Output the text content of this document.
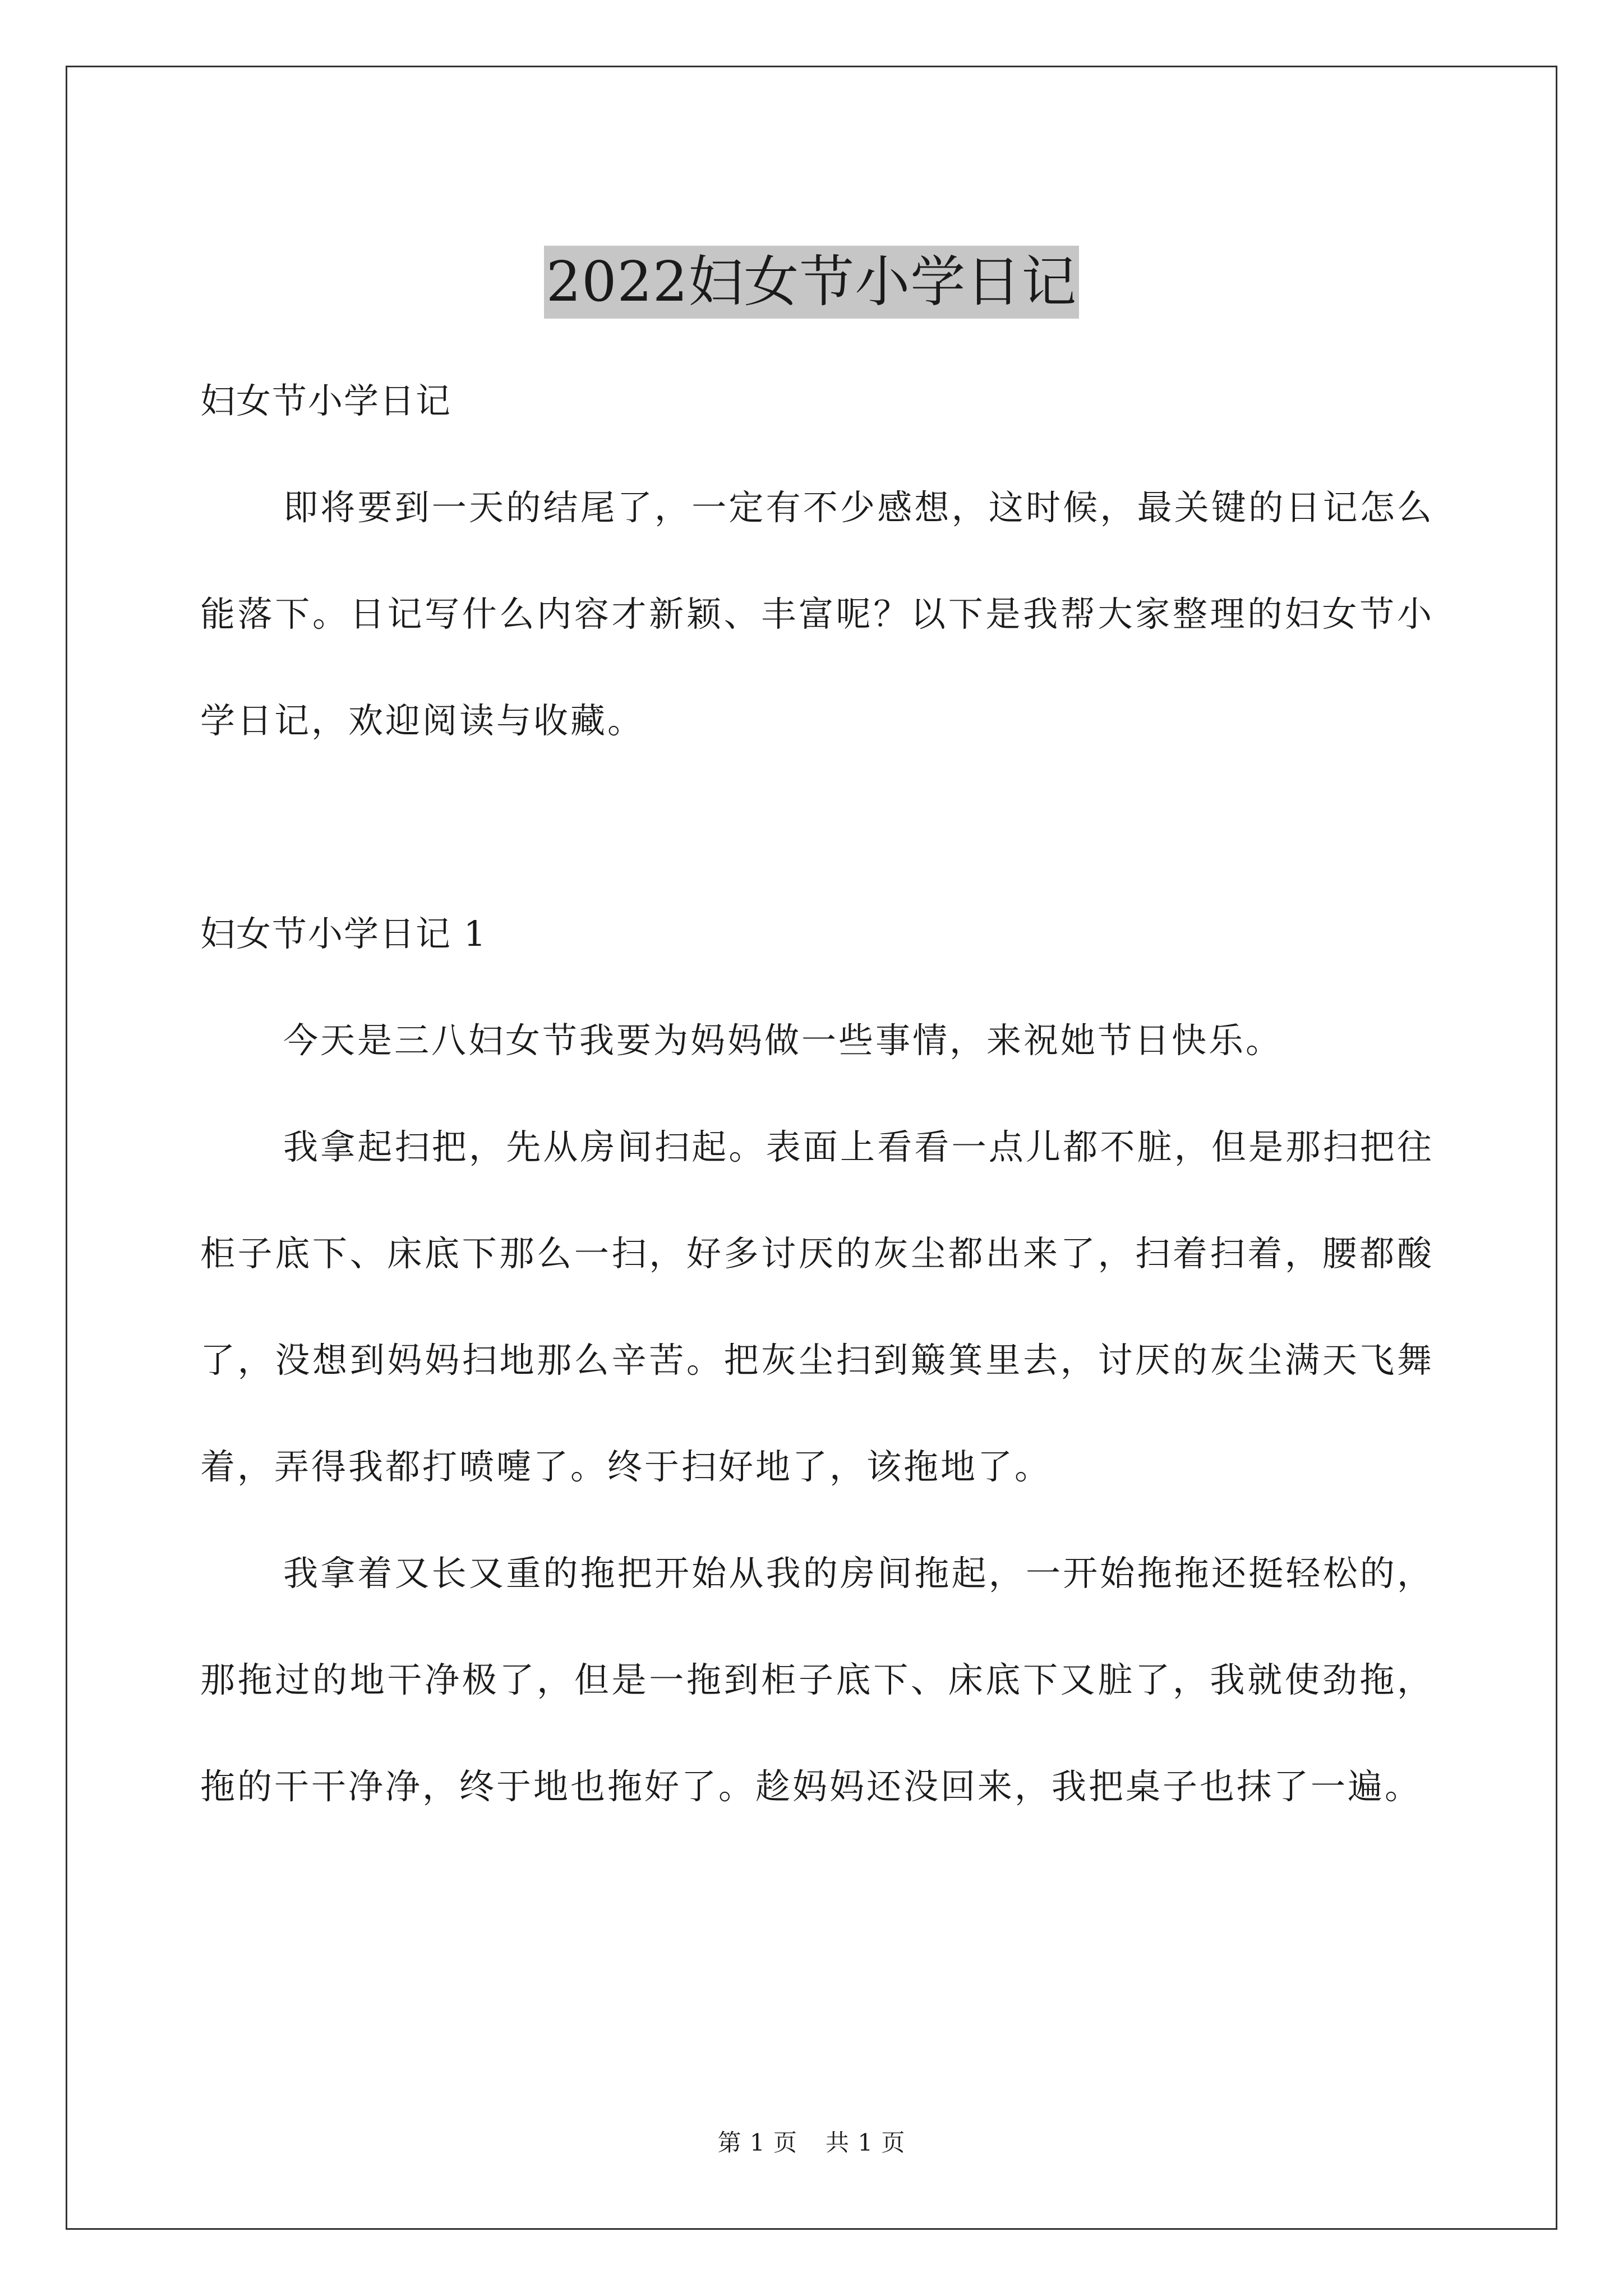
2022妇女节小学日记

妇女节小学日记

即将要到一天的结尾了，一定有不少感想，这时候，最关键的日记怎么能落下。日记写什么内容才新颖、丰富呢？以下是我帮大家整理的妇女节小学日记，欢迎阅读与收藏。

妇女节小学日记 1

今天是三八妇女节我要为妈妈做一些事情，来祝她节日快乐。

我拿起扫把，先从房间扫起。表面上看看一点儿都不脏，但是那扫把往柜子底下、床底下那么一扫，好多讨厌的灰尘都出来了，扫着扫着，腰都酸了，没想到妈妈扫地那么辛苦。把灰尘扫到簸箕里去，讨厌的灰尘满天飞舞着，弄得我都打喷嚏了。终于扫好地了，该拖地了。

我拿着又长又重的拖把开始从我的房间拖起，一开始拖拖还挺轻松的，那拖过的地干净极了，但是一拖到柜子底下、床底下又脏了，我就使劲拖，拖的干干净净，终于地也拖好了。趁妈妈还没回来，我把桌子也抹了一遍。

第 1 页 共 1 页
